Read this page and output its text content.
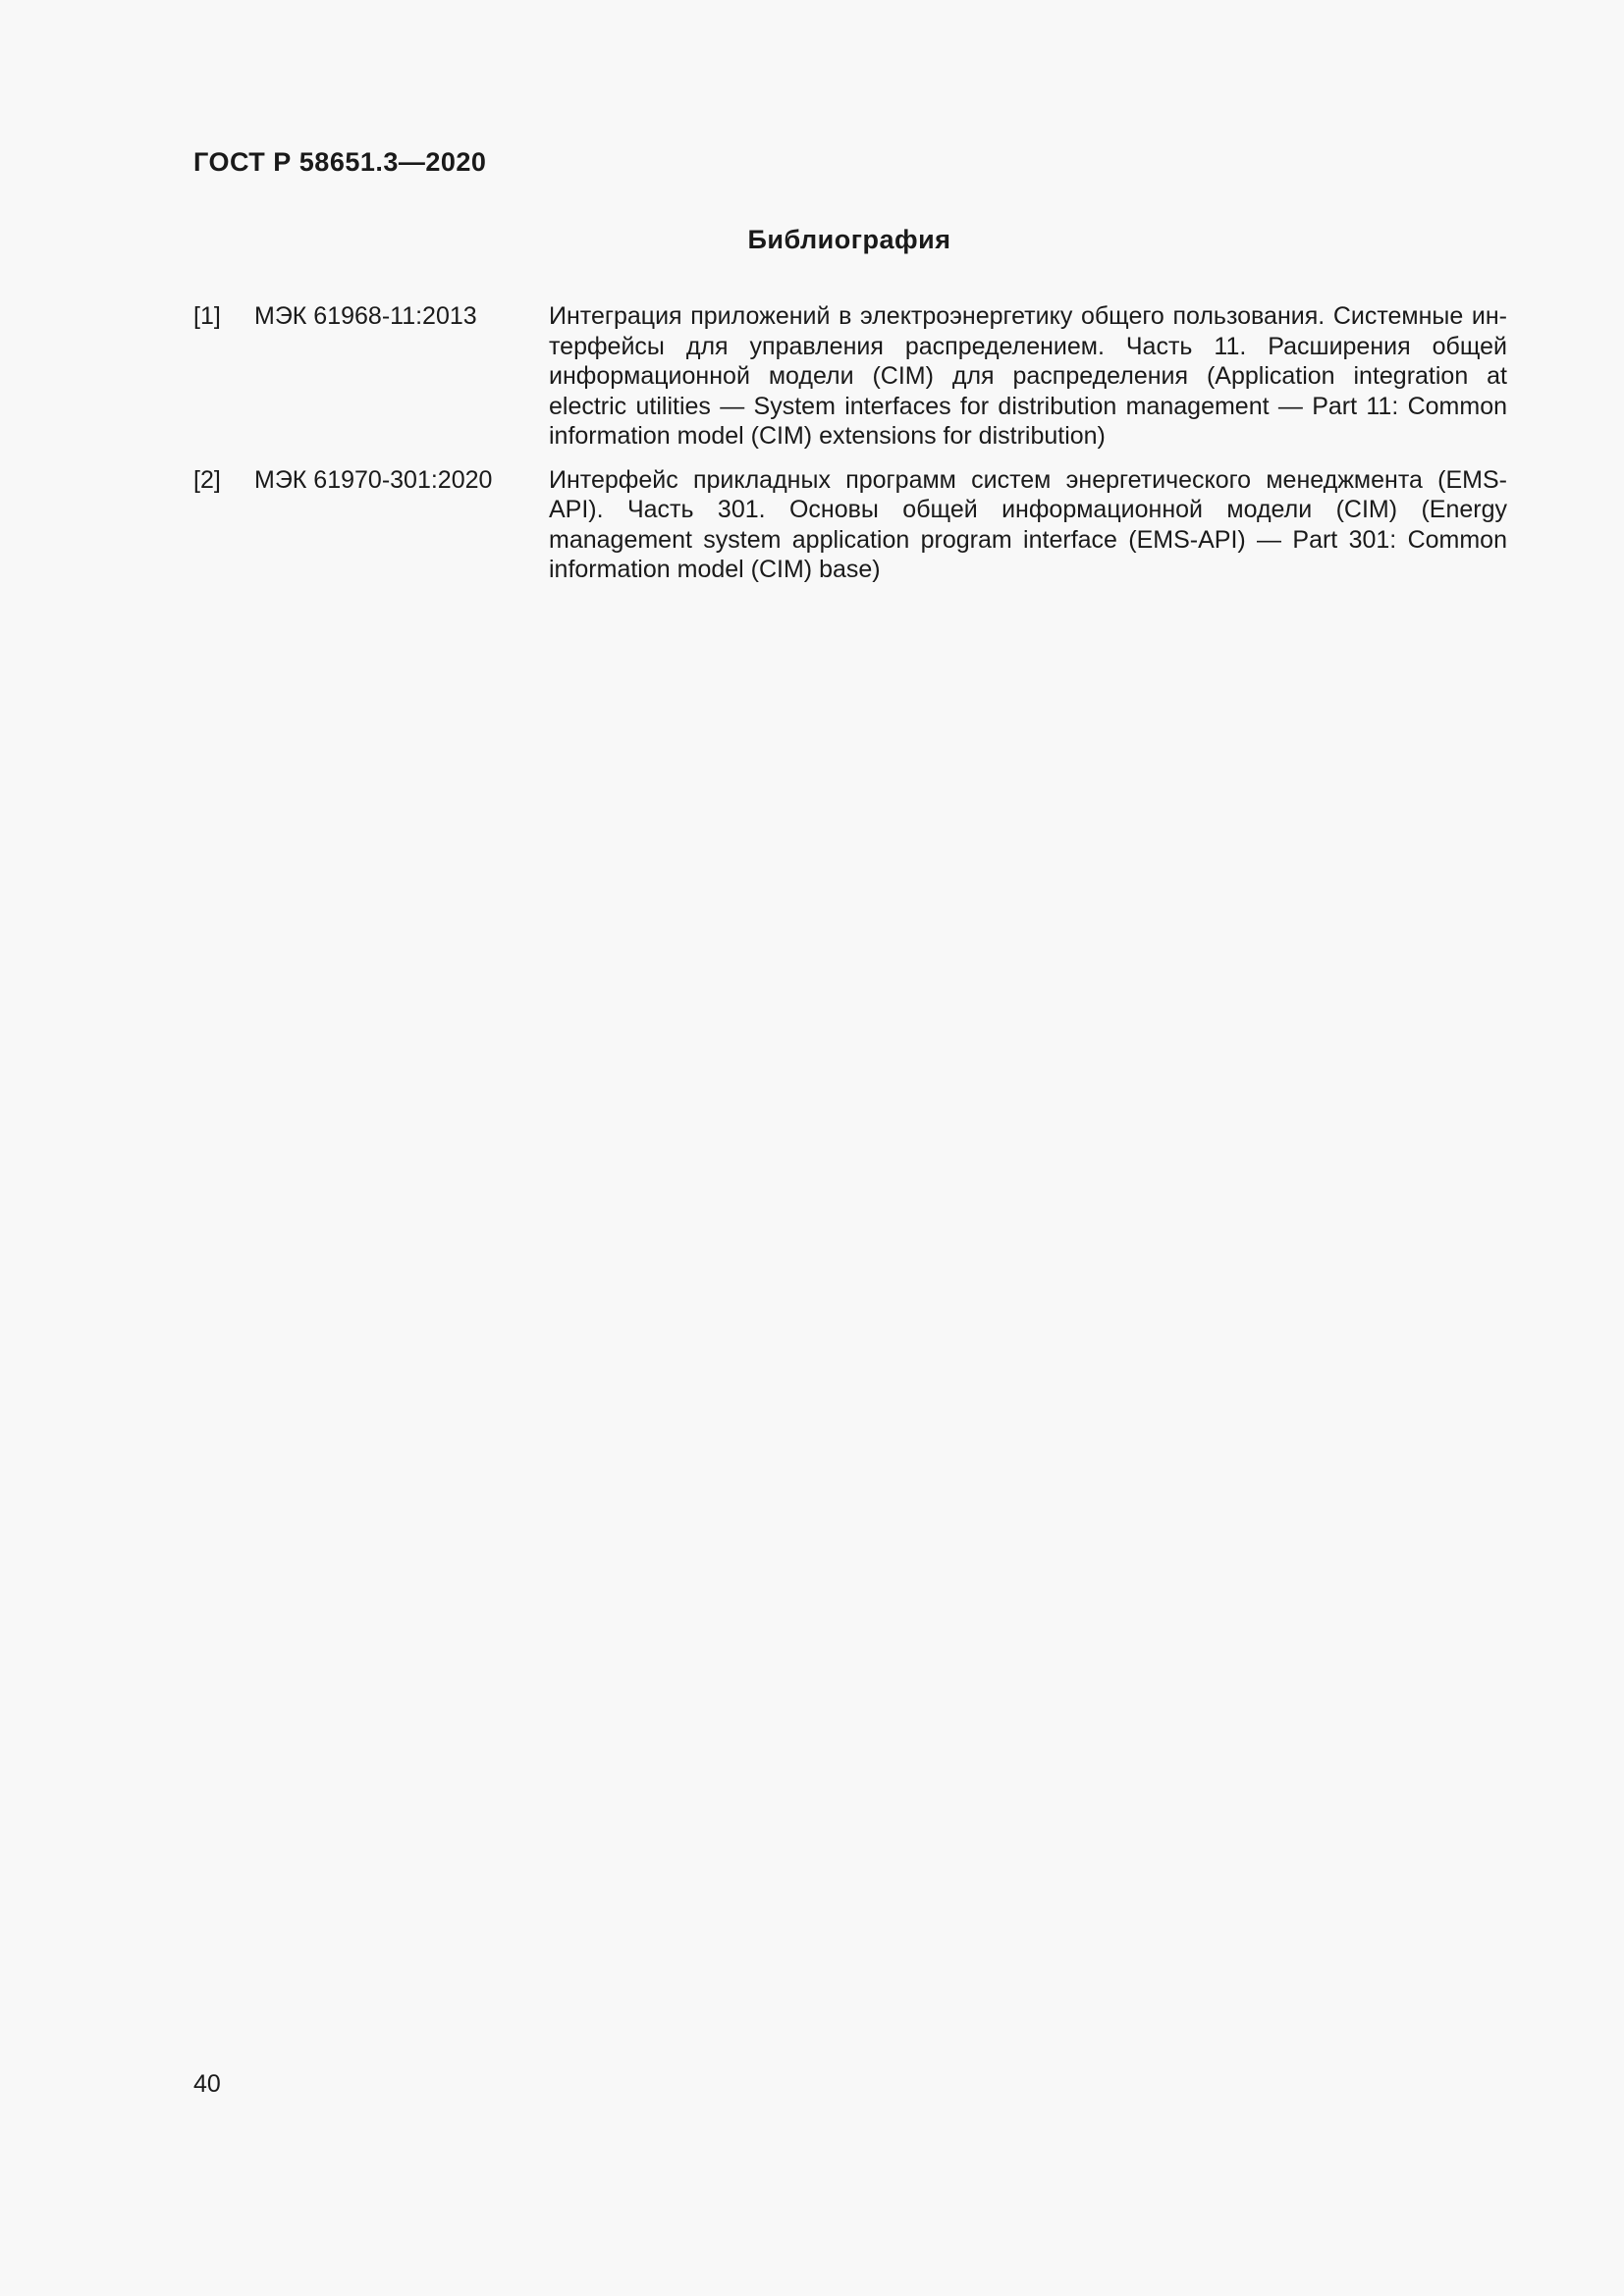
ГОСТ Р 58651.3—2020
Библиография
[1] МЭК 61968-11:2013	Интеграция приложений в электроэнергетику общего пользования. Системные интерфейсы для управления распределением. Часть 11. Расширения общей информационной модели (CIM) для распределения (Application integration at electric utilities — System interfaces for distribution management — Part 11: Common information model (CIM) extensions for distribution)
[2] МЭК 61970-301:2020 Интерфейс прикладных программ систем энергетического менеджмента (EMS-API). Часть 301. Основы общей информационной модели (CIM) (Energy management system application program interface (EMS-API) — Part 301: Common information model (CIM) base)
40
